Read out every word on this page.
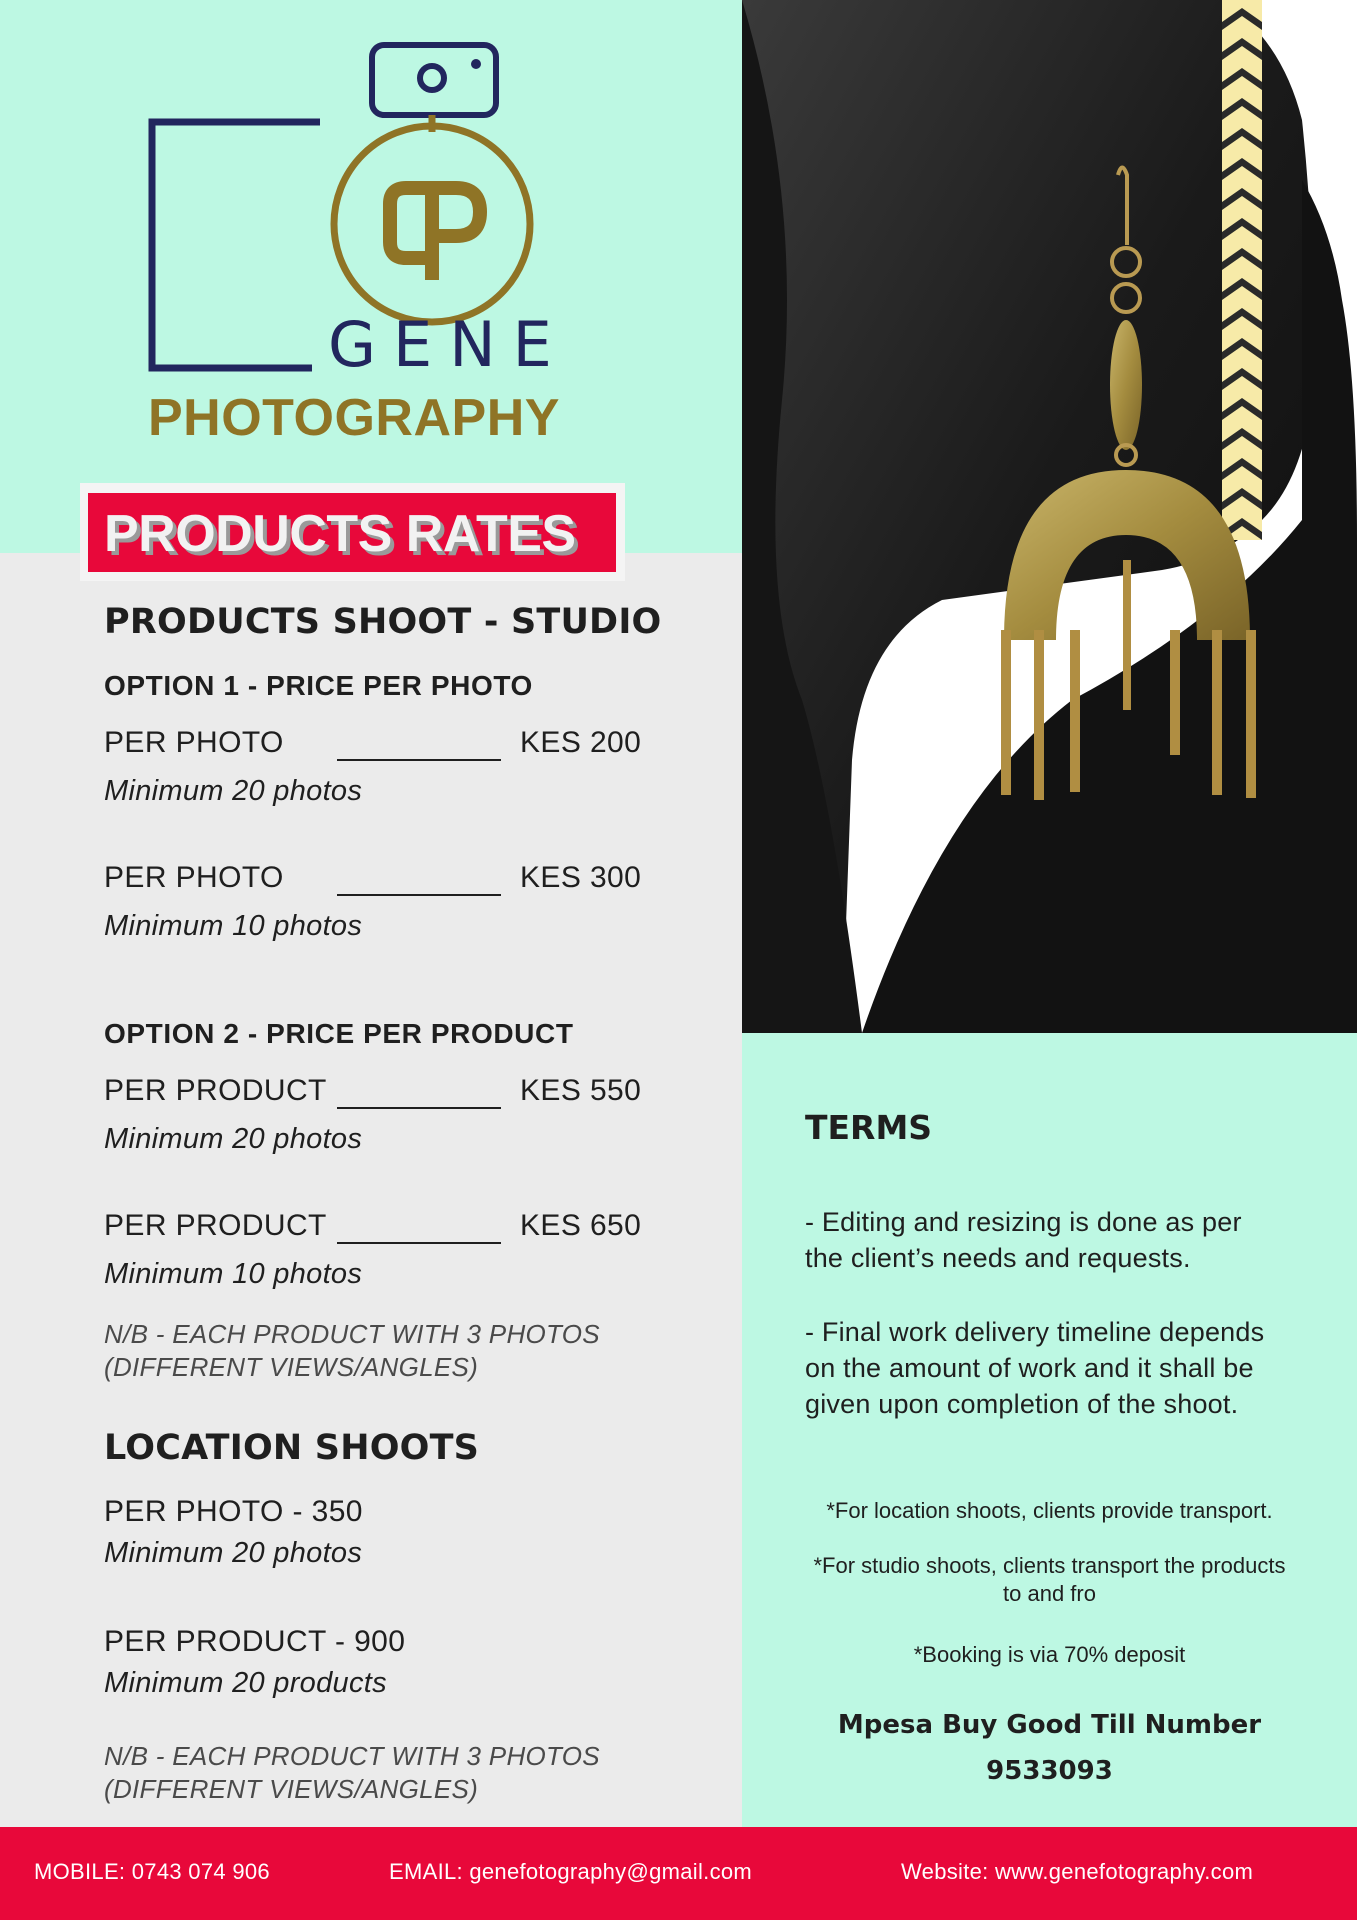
GENE
PHOTOGRAPHY
PRODUCTS RATES
PRODUCTS SHOOT - STUDIO
OPTION 1 - PRICE PER PHOTO
PER PHOTO	KES 200
Minimum 20 photos
PER PHOTO	KES 300
Minimum 10 photos
OPTION 2 - PRICE PER PRODUCT
PER PRODUCT	KES 550
Minimum 20 photos
PER PRODUCT	KES 650
Minimum 10 photos
N/B - EACH PRODUCT WITH 3 PHOTOS
(DIFFERENT VIEWS/ANGLES)
LOCATION SHOOTS
PER PHOTO - 350
Minimum 20 photos
PER PRODUCT - 900
Minimum 20 products
N/B - EACH PRODUCT WITH 3 PHOTOS
(DIFFERENT VIEWS/ANGLES)
TERMS
- Editing and resizing is done as per
the client’s needs and requests.
- Final work delivery timeline depends
on the amount of work and it shall be
given upon completion of the shoot.
*For location shoots, clients provide transport.
*For studio shoots, clients transport the products
to and fro
*Booking is via 70% deposit
Mpesa Buy Good Till Number
9533093
MOBILE: 0743 074 906	EMAIL: genefotography@gmail.com	Website: www.genefotography.com
